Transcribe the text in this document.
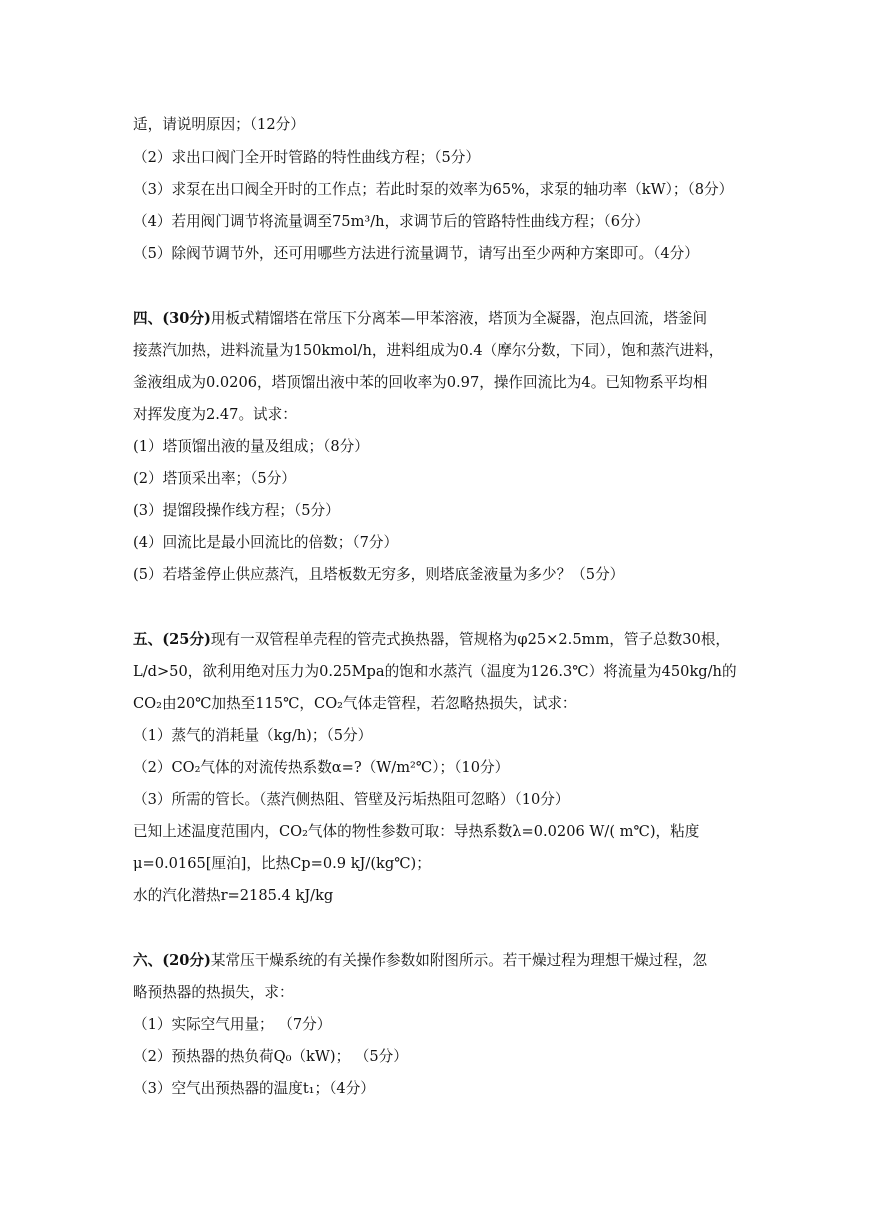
适，请说明原因；（12分）
（2）求出口阀门全开时管路的特性曲线方程；（5分）
（3）求泵在出口阀全开时的工作点；若此时泵的效率为65%，求泵的轴功率（kW）；（8分）
（4）若用阀门调节将流量调至75m³/h，求调节后的管路特性曲线方程；（6分）
（5）除阀节调节外，还可用哪些方法进行流量调节，请写出至少两种方案即可。（4分）
四、(30分)用板式精馏塔在常压下分离苯—甲苯溶液，塔顶为全凝器，泡点回流，塔釜间
接蒸汽加热，进料流量为150kmol/h，进料组成为0.4（摩尔分数，下同），饱和蒸汽进料，
釜液组成为0.0206，塔顶馏出液中苯的回收率为0.97，操作回流比为4。已知物系平均相
对挥发度为2.47。试求：
(1）塔顶馏出液的量及组成；（8分）
(2）塔顶采出率；（5分）
(3）提馏段操作线方程；（5分）
(4）回流比是最小回流比的倍数；（7分）
(5）若塔釜停止供应蒸汽，且塔板数无穷多，则塔底釜液量为多少？（5分）
五、(25分)现有一双管程单壳程的管壳式换热器，管规格为φ25×2.5mm，管子总数30根，
L/d>50，欲利用绝对压力为0.25Mpa的饱和水蒸汽（温度为126.3℃）将流量为450kg/h的
CO₂由20℃加热至115℃，CO₂气体走管程，若忽略热损失，试求：
（1）蒸气的消耗量（kg/h)；（5分）
（2）CO₂气体的对流传热系数α=?（W/m²℃）；（10分）
（3）所需的管长。（蒸汽侧热阻、管壁及污垢热阻可忽略）（10分）
已知上述温度范围内，CO₂气体的物性参数可取：导热系数λ=0.0206 W/( m℃)，粘度
μ=0.0165[厘泊]，比热Cp=0.9 kJ/(kg℃)；
水的汽化潜热r=2185.4 kJ/kg
六、(20分)某常压干燥系统的有关操作参数如附图所示。若干燥过程为理想干燥过程，忽
略预热器的热损失，求：
（1）实际空气用量； （7分）
（2）预热器的热负荷Q₀（kW)； （5分）
（3）空气出预热器的温度t₁；（4分）
